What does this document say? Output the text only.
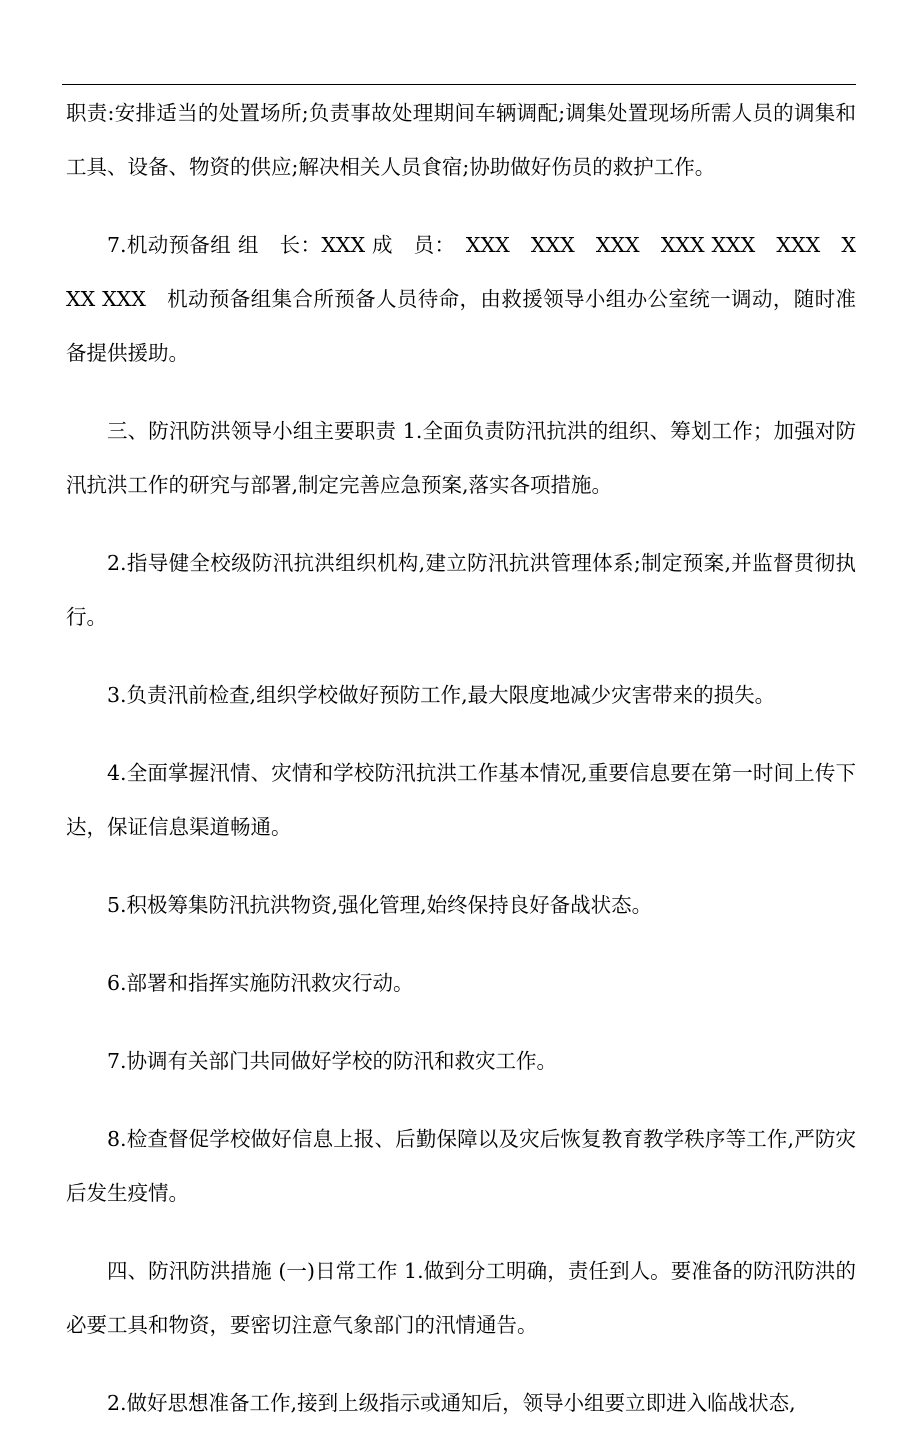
职责:安排适当的处置场所;负责事故处理期间车辆调配;调集处置现场所需人员的调集和工具、设备、物资的供应;解决相关人员食宿;协助做好伤员的救护工作。

7.机动预备组 组　长：XXX 成　员：　XXX　XXX　XXX　XXX XXX　XXX　XXX XXX　机动预备组集合所预备人员待命，由救援领导小组办公室统一调动，随时准备提供援助。

三、防汛防洪领导小组主要职责 1.全面负责防汛抗洪的组织、筹划工作；加强对防汛抗洪工作的研究与部署,制定完善应急预案,落实各项措施。

2.指导健全校级防汛抗洪组织机构,建立防汛抗洪管理体系;制定预案,并监督贯彻执行。

3.负责汛前检查,组织学校做好预防工作,最大限度地减少灾害带来的损失。

4.全面掌握汛情、灾情和学校防汛抗洪工作基本情况,重要信息要在第一时间上传下达，保证信息渠道畅通。

5.积极筹集防汛抗洪物资,强化管理,始终保持良好备战状态。

6.部署和指挥实施防汛救灾行动。

7.协调有关部门共同做好学校的防汛和救灾工作。

8.检查督促学校做好信息上报、后勤保障以及灾后恢复教育教学秩序等工作,严防灾后发生疫情。

四、防汛防洪措施 (一)日常工作 1.做到分工明确，责任到人。要准备的防汛防洪的必要工具和物资，要密切注意气象部门的汛情通告。

2.做好思想准备工作,接到上级指示或通知后，领导小组要立即进入临战状态,
